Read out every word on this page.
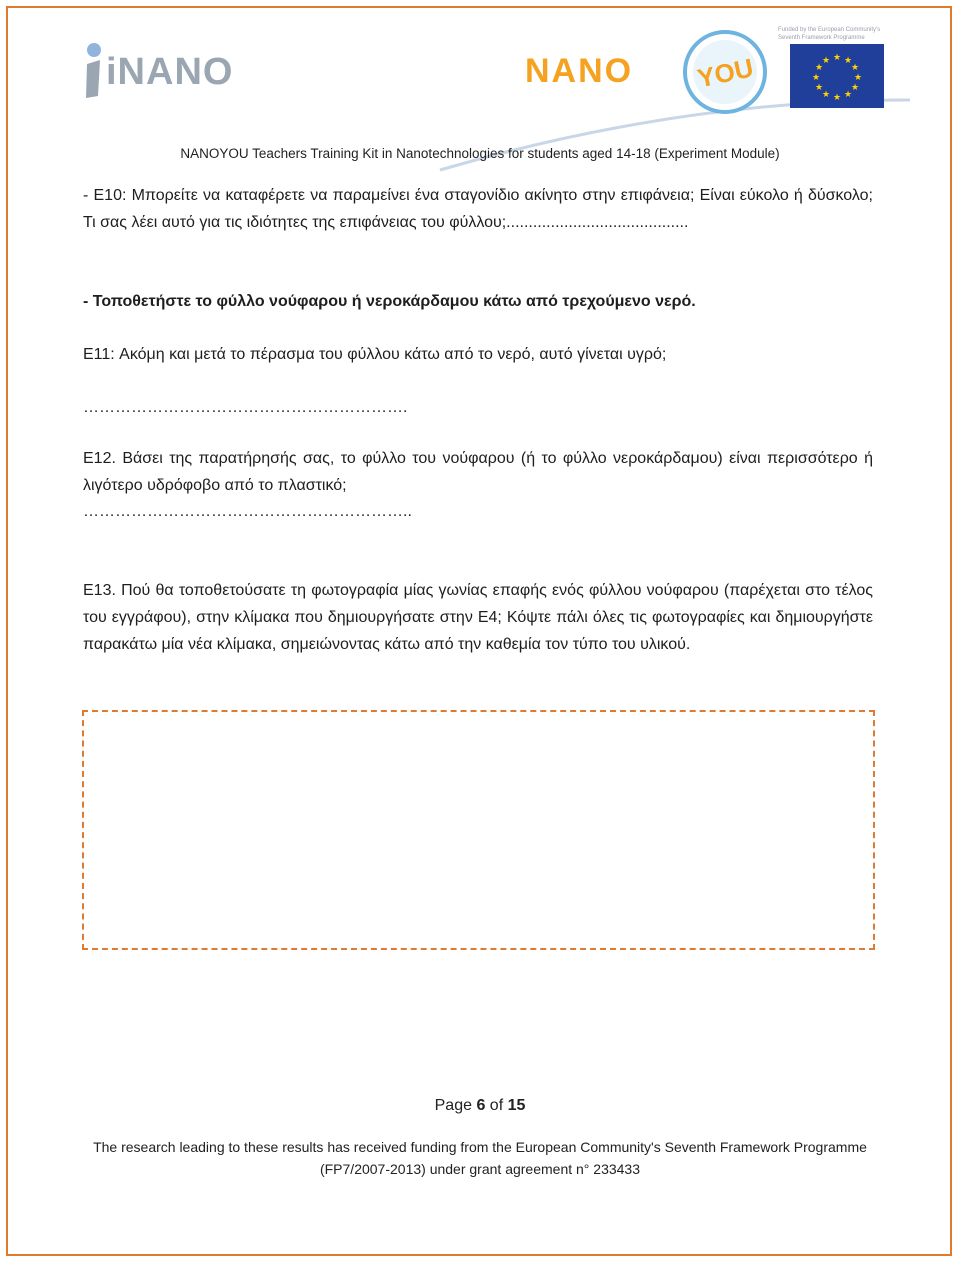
iNANO	NANO YOU
Funded by the European Community's
Seventh Framework Programme
★ ★
★
★
★
★
★
★
★
★
★
★
NANOYOU Teachers Training Kit in Nanotechnologies for students aged 14-18 (Experiment Module)
- E10: Μπορείτε να καταφέρετε να παραμείνει ένα σταγονίδιο ακίνητο στην επιφάνεια; Είναι εύκολο ή δύσκολο; Τι σας λέει αυτό για τις ιδιότητες της επιφάνειας του φύλλου;.........................................
- Τοποθετήστε το φύλλο νούφαρου ή νεροκάρδαμου κάτω από τρεχούμενο νερό.
E11: Ακόμη και μετά το πέρασμα του φύλλου κάτω από το νερό, αυτό γίνεται υγρό;
…………………………………………………….
E12. Βάσει της παρατήρησής σας, το φύλλο του νούφαρου (ή το φύλλο νεροκάρδαμου) είναι περισσότερο ή λιγότερο υδρόφοβο από το πλαστικό;
……………………………………………………..
E13. Πού θα τοποθετούσατε τη φωτογραφία μίας γωνίας επαφής ενός φύλλου νούφαρου (παρέχεται στο τέλος του εγγράφου), στην κλίμακα που δημιουργήσατε στην E4; Κόψτε πάλι όλες τις φωτογραφίες και δημιουργήστε παρακάτω μία νέα κλίμακα, σημειώνοντας κάτω από την καθεμία τον τύπο του υλικού.
Page 6 of 15
The research leading to these results has received funding from the European Community's Seventh Framework Programme
(FP7/2007-2013) under grant agreement n° 233433
